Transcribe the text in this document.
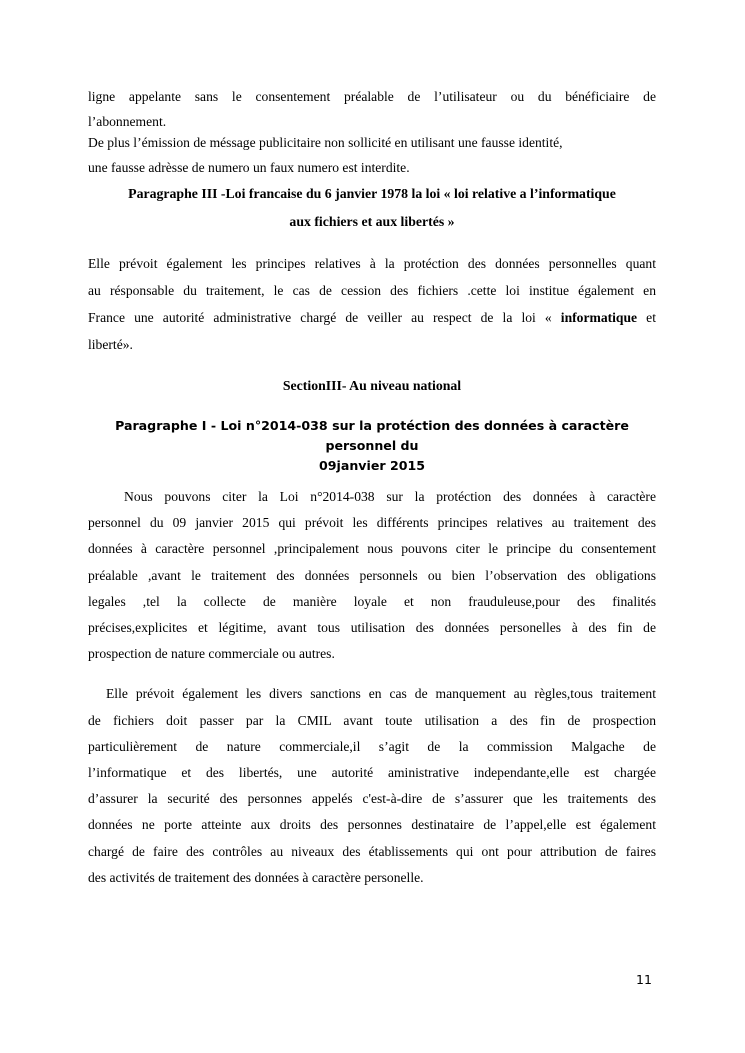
ligne appelante sans le consentement préalable de l’utilisateur ou du bénéficiaire de
l’abonnement.

De plus l’émission de méssage publicitaire non sollicité en utilisant une fausse identité,
une fausse adrèsse de numero un faux numero est interdite.

Paragraphe III -Loi francaise du 6 janvier 1978 la loi « loi relative a l’informatique
aux fichiers et aux libertés »

Elle prévoit également les principes relatives à la protéction des données personnelles quant
au résponsable du traitement, le cas de cession des fichiers .cette loi institue également en
France une autorité administrative chargé de veiller au respect de la loi « informatique et
liberté».

SectionIII- Au niveau national
Paragraphe I - Loi n°2014-038 sur la protéction des données à caractère personnel du
09janvier 2015

Nous pouvons citer la Loi n°2014-038 sur la protéction des données à caractère
personnel du 09 janvier 2015 qui prévoit les différents principes relatives au traitement des
données à caractère personnel ,principalement nous pouvons citer le principe du consentement
préalable ,avant le traitement des données personnels ou bien l’observation des obligations
legales ,tel la collecte de manière loyale et non frauduleuse,pour des finalités
précises,explicites et légitime, avant tous utilisation des données personelles à des fin de
prospection de nature commerciale ou autres.

Elle prévoit également les divers sanctions en cas de manquement au règles,tous traitement
de fichiers doit passer par la CMIL avant toute utilisation a des fin de prospection
particulièrement de nature commerciale,il s’agit de la commission Malgache de
l’informatique et des libertés, une autorité aministrative independante,elle est chargée
d’assurer la securité des personnes appelés c'est-à-dire de s’assurer que les traitements des
données ne porte atteinte aux droits des personnes destinataire de l’appel,elle est également
chargé de faire des contrôles au niveaux des établissements qui ont pour attribution de faires
des activités de traitement des données à caractère personelle.

11
